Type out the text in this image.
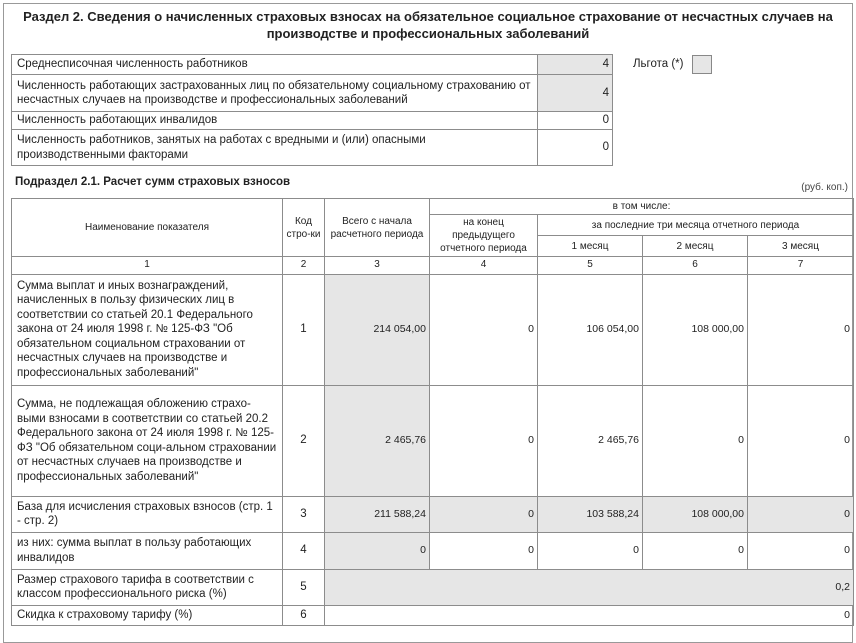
Раздел 2. Сведения о начисленных страховых взносах на обязательное социальное страхование от несчастных случаев на производстве и профессиональных заболеваний
Среднесписочная численность работников	4
Численность работающих застрахованных лиц по обязательному социальному страхованию от несчастных случаев на производстве и профессиональных заболеваний	4
Численность работающих инвалидов	0
Численность работников, занятых на работах с вредными и (или) опасными производственными факторами	0
Льгота (*)
Подраздел 2.1. Расчет сумм страховых взносов	(руб. коп.)
Наименование показателя	Код стро-ки	Всего с начала расчетного периода	в том числе:			
			на конец предыдущего отчетного периода	за последние три месяца отчетного периода		
				1 месяц	2 месяц	3 месяц
1	2	3	4	5	6	7
Сумма выплат и иных вознаграждений, начисленных в пользу физических лиц в соответствии со статьей 20.1 Федерального закона от 24 июля 1998 г. № 125-ФЗ "Об обязательном социальном страховании от несчастных случаев на производстве и профессиональных заболеваний"	1	214 054,00	0	106 054,00	108 000,00	0
Сумма, не подлежащая обложению страхо-выми взносами в соответствии со статьей 20.2 Федерального закона от 24 июля 1998 г. № 125-ФЗ "Об обязательном соци-альном страховании от несчастных случаев на производстве и профессиональных заболеваний"	2	2 465,76	0	2 465,76	0	0
База для исчисления страховых взносов (стр. 1 - стр. 2)	3	211 588,24	0	103 588,24	108 000,00	0
из них: сумма выплат в пользу работающих инвалидов	4	0	0	0	0	0
Размер страхового тарифа в соответствии с классом профессионального риска (%)	5	0,2				
Скидка к страховому тарифу (%)	6	0				
